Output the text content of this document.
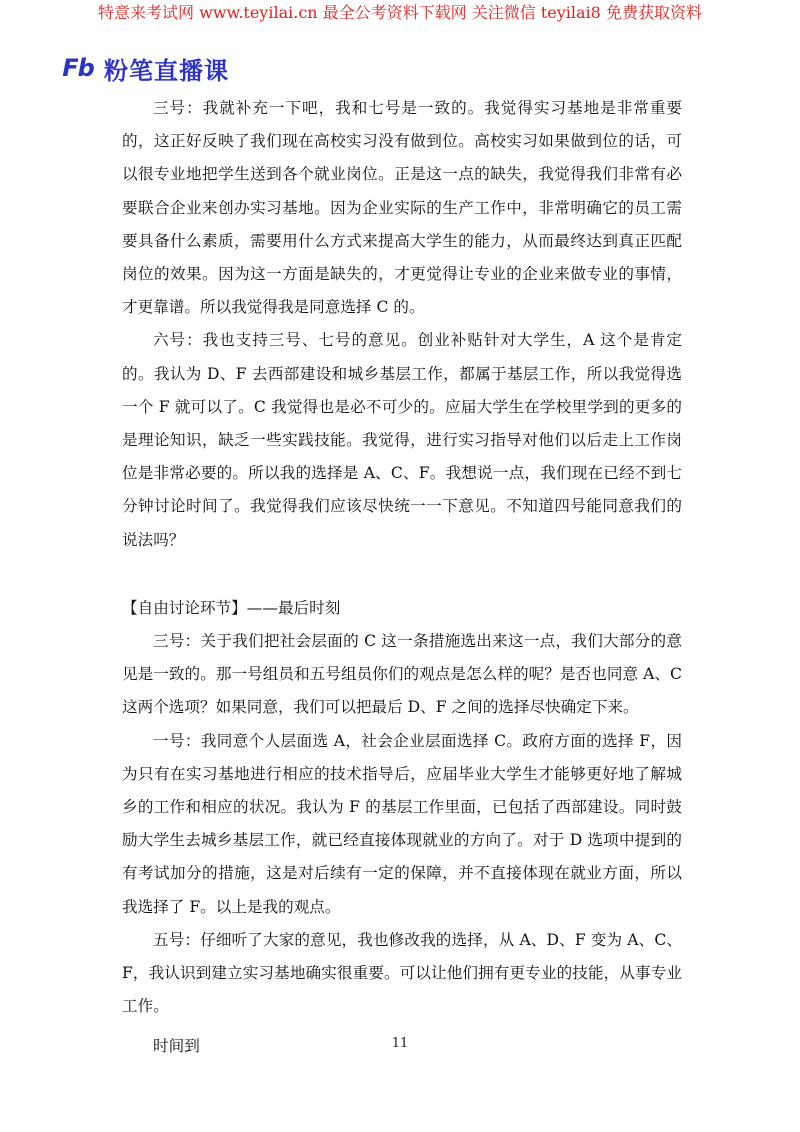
特意来考试网 www.teyilai.cn 最全公考资料下载网 关注微信 teyilai8 免费获取资料
Fb 粉笔直播课

三号：我就补充一下吧，我和七号是一致的。我觉得实习基地是非常重要的，这正好反映了我们现在高校实习没有做到位。高校实习如果做到位的话，可以很专业地把学生送到各个就业岗位。正是这一点的缺失，我觉得我们非常有必要联合企业来创办实习基地。因为企业实际的生产工作中，非常明确它的员工需要具备什么素质，需要用什么方式来提高大学生的能力，从而最终达到真正匹配岗位的效果。因为这一方面是缺失的，才更觉得让专业的企业来做专业的事情，才更靠谱。所以我觉得我是同意选择 C 的。

六号：我也支持三号、七号的意见。创业补贴针对大学生，A 这个是肯定的。我认为 D、F 去西部建设和城乡基层工作，都属于基层工作，所以我觉得选一个 F 就可以了。C 我觉得也是必不可少的。应届大学生在学校里学到的更多的是理论知识，缺乏一些实践技能。我觉得，进行实习指导对他们以后走上工作岗位是非常必要的。所以我的选择是 A、C、F。我想说一点，我们现在已经不到七分钟讨论时间了。我觉得我们应该尽快统一一下意见。不知道四号能同意我们的说法吗？

【自由讨论环节】——最后时刻

三号：关于我们把社会层面的 C 这一条措施选出来这一点，我们大部分的意见是一致的。那一号组员和五号组员你们的观点是怎么样的呢？是否也同意 A、C 这两个选项？如果同意，我们可以把最后 D、F 之间的选择尽快确定下来。

一号：我同意个人层面选 A，社会企业层面选择 C。政府方面的选择 F，因为只有在实习基地进行相应的技术指导后，应届毕业大学生才能够更好地了解城乡的工作和相应的状况。我认为 F 的基层工作里面，已包括了西部建设。同时鼓励大学生去城乡基层工作，就已经直接体现就业的方向了。对于 D 选项中提到的有考试加分的措施，这是对后续有一定的保障，并不直接体现在就业方面，所以我选择了 F。以上是我的观点。

五号：仔细听了大家的意见，我也修改我的选择，从 A、D、F 变为 A、C、F，我认识到建立实习基地确实很重要。可以让他们拥有更专业的技能，从事专业工作。

时间到	11
